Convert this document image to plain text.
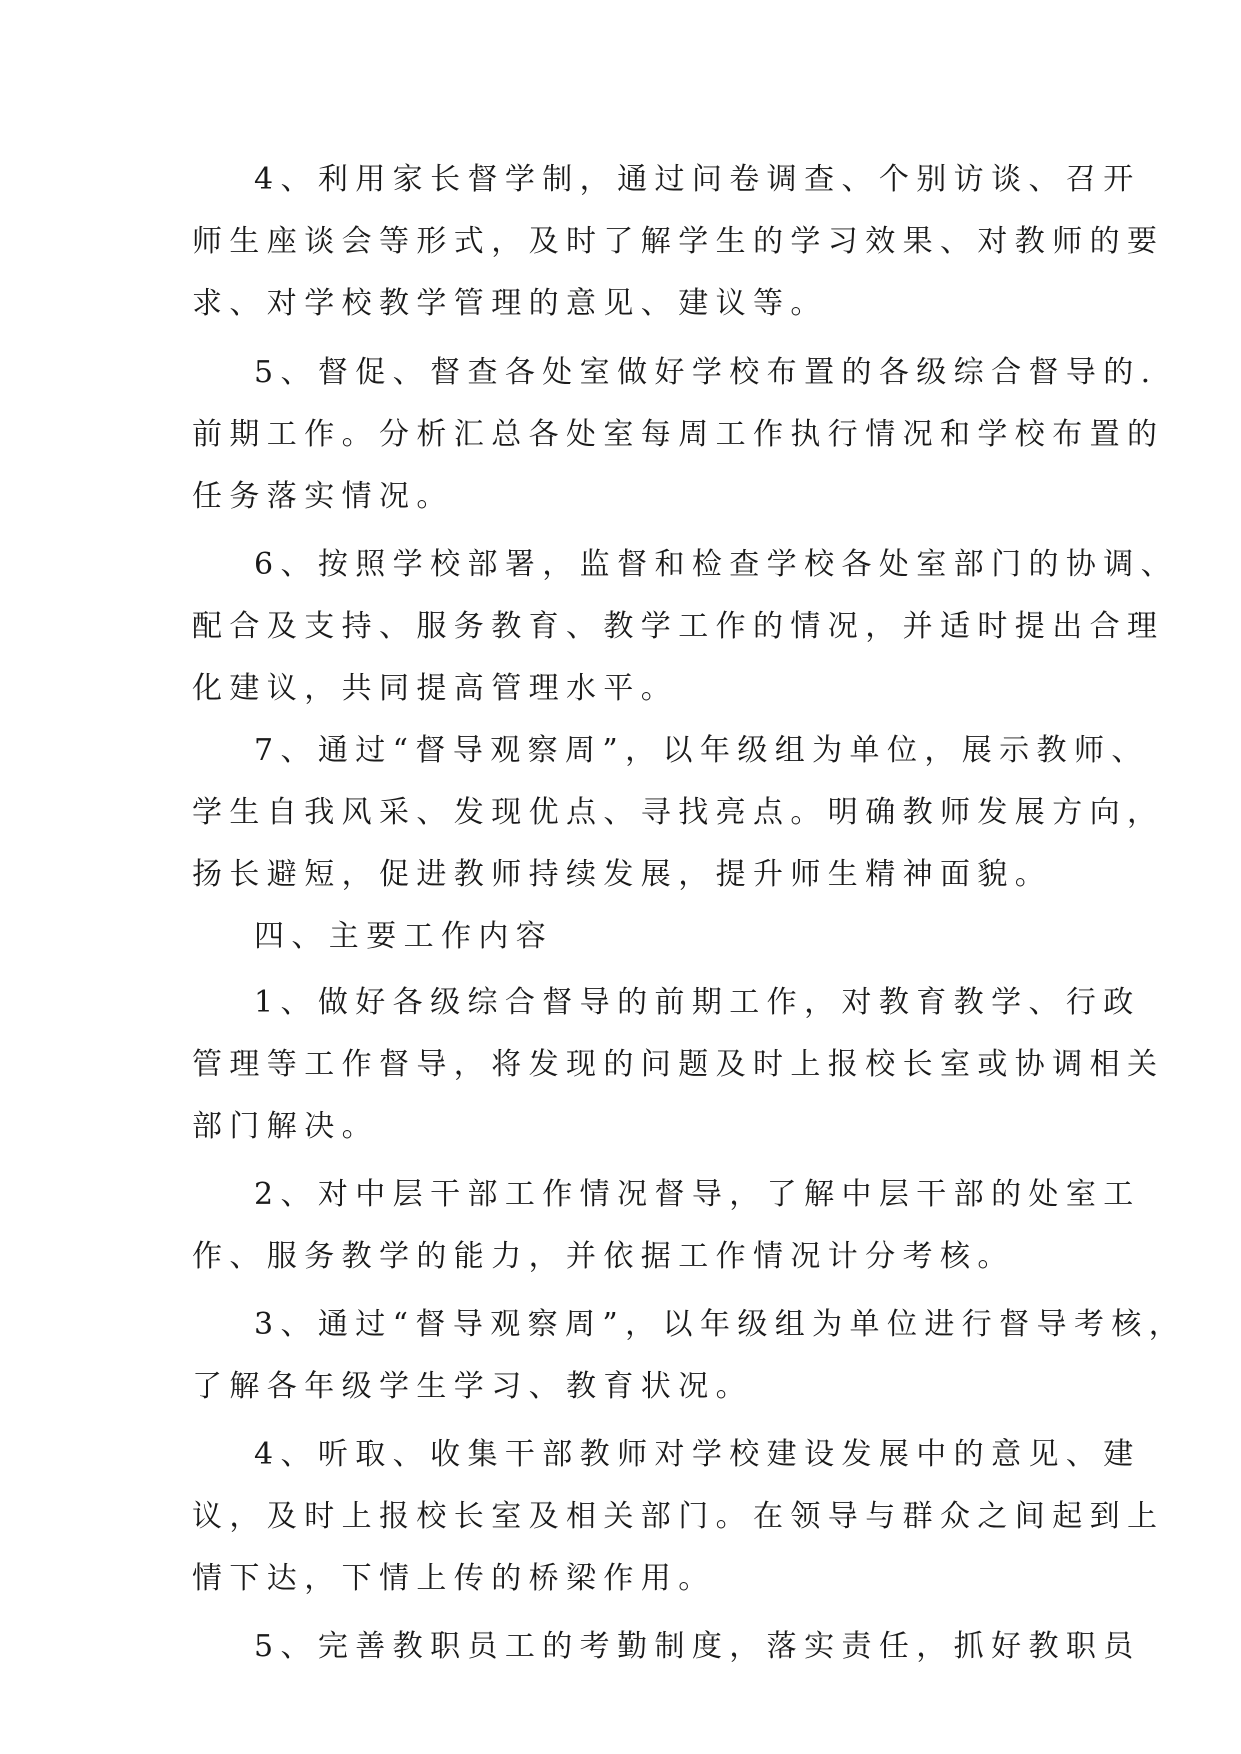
4、利用家长督学制，通过问卷调查、个别访谈、召开
师生座谈会等形式，及时了解学生的学习效果、对教师的要
求、对学校教学管理的意见、建议等。
5、督促、督查各处室做好学校布置的各级综合督导的.
前期工作。分析汇总各处室每周工作执行情况和学校布置的
任务落实情况。
6、按照学校部署，监督和检查学校各处室部门的协调、
配合及支持、服务教育、教学工作的情况，并适时提出合理
化建议，共同提高管理水平。
7、通过“督导观察周”，以年级组为单位，展示教师、
学生自我风采、发现优点、寻找亮点。明确教师发展方向，
扬长避短，促进教师持续发展，提升师生精神面貌。
四、主要工作内容
1、做好各级综合督导的前期工作，对教育教学、行政
管理等工作督导，将发现的问题及时上报校长室或协调相关
部门解决。
2、对中层干部工作情况督导，了解中层干部的处室工
作、服务教学的能力，并依据工作情况计分考核。
3、通过“督导观察周”，以年级组为单位进行督导考核，
了解各年级学生学习、教育状况。
4、听取、收集干部教师对学校建设发展中的意见、建
议，及时上报校长室及相关部门。在领导与群众之间起到上
情下达，下情上传的桥梁作用。
5、完善教职员工的考勤制度，落实责任，抓好教职员
